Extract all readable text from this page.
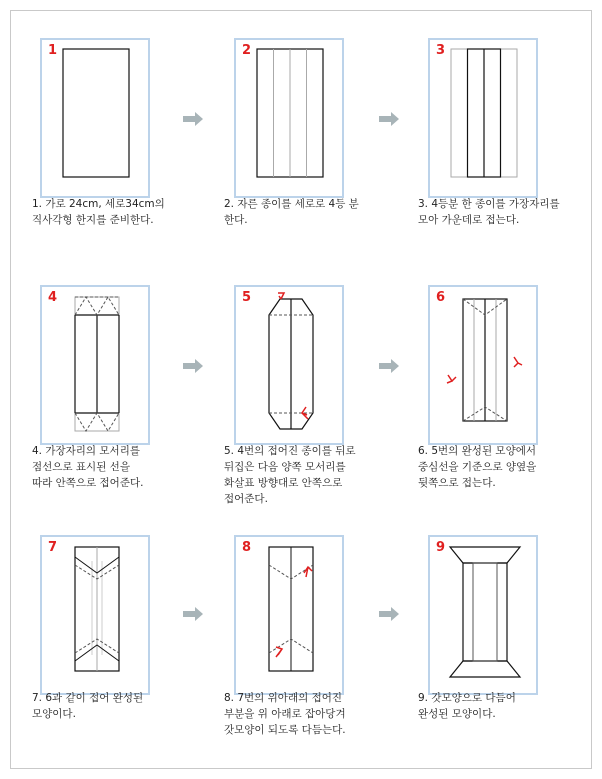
1	2	3
1. 가로 24cm, 세로34cm의
직사각형 한지를 준비한다.
2. 자른 종이를 세로로 4등 분
한다.
3. 4등분 한 종이를 가장자리를
모아 가운데로 접는다.
4	5	6
4. 가장자리의 모서리를
점선으로 표시된 선을
따라 안쪽으로 접어준다.
5. 4번의 접어진 종이를 뒤로
뒤집은 다음 양쪽 모서리를
화살표 방향대로 안쪽으로
접어준다.
6. 5번의 완성된 모양에서
중심선을 기준으로 양옆을
뒷쪽으로 접는다.
7	8	9
7. 6과 같이 접어 완성된
모양이다.
8. 7번의 위아래의 접어진
부분을 위 아래로 잡아당겨
갓모양이 되도록 다듬는다.
9. 갓모양으로 다듬어
완성된 모양이다.
